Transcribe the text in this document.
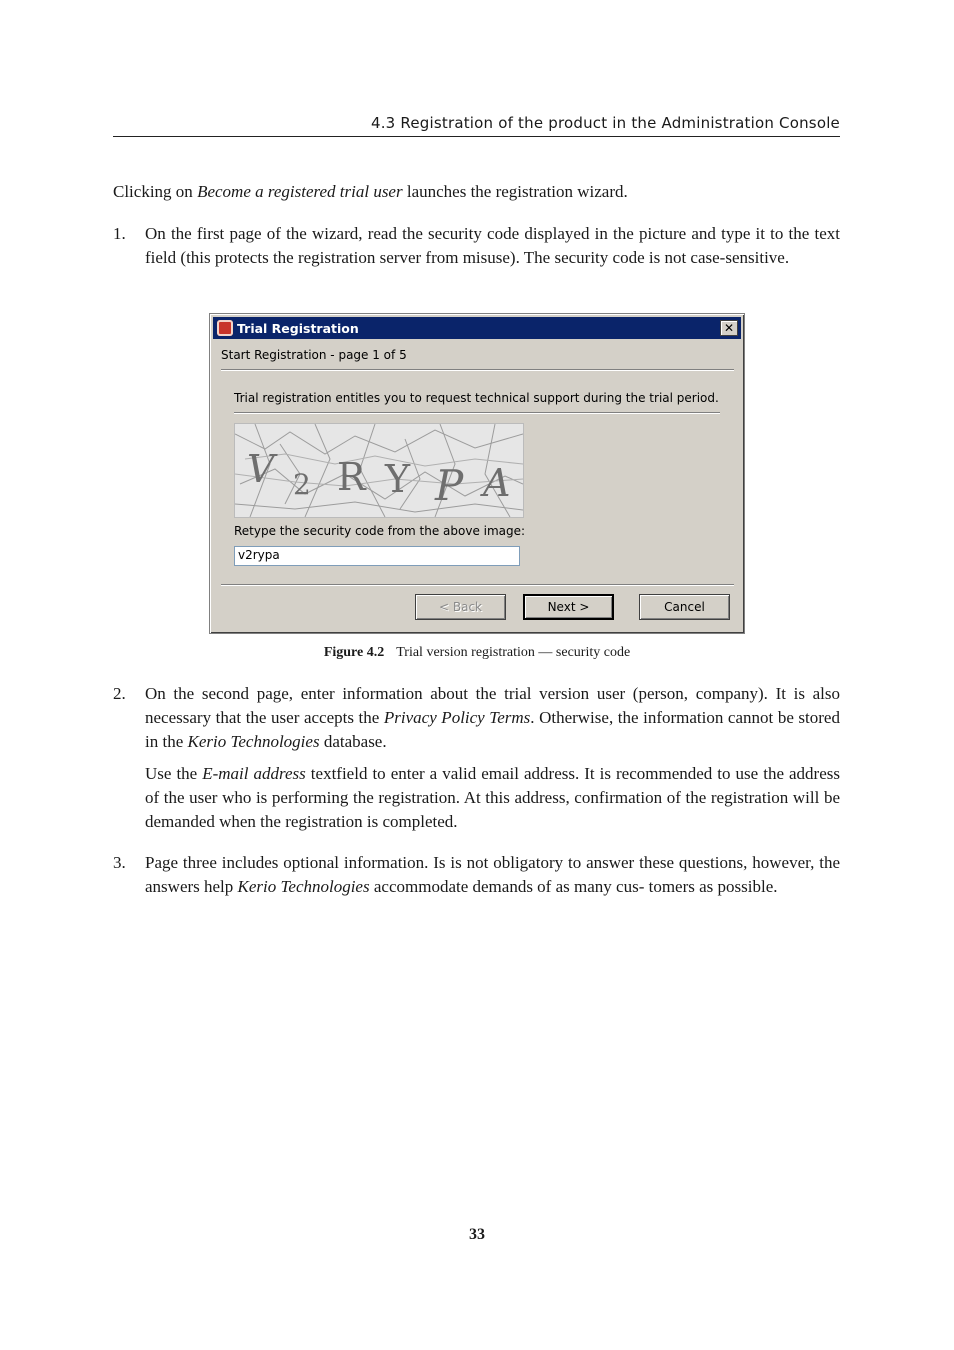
4.3 Registration of the product in the Administration Console
Clicking on Become a registered trial user launches the registration wizard.
1. On the first page of the wizard, read the security code displayed in the picture and type it to the text field (this protects the registration server from misuse). The security code is not case-sensitive.
Trial Registration	✕
Start Registration - page 1 of 5
Trial registration entitles you to request technical support during the trial period.
V 2 R Y P A
Retype the security code from the above image:
v2rypa
< Back	Next >	Cancel
Figure 4.2 Trial version registration — security code
2. On the second page, enter information about the trial version user (person, company). It is also necessary that the user accepts the Privacy Policy Terms. Otherwise, the information cannot be stored in the Kerio Technologies database.

Use the E-mail address textfield to enter a valid email address. It is recommended to use the address of the user who is performing the registration. At this address, confirmation of the registration will be demanded when the registration is completed.

3. Page three includes optional information. Is is not obligatory to answer these questions, however, the answers help Kerio Technologies accommodate demands of as many cus- tomers as possible.
33
